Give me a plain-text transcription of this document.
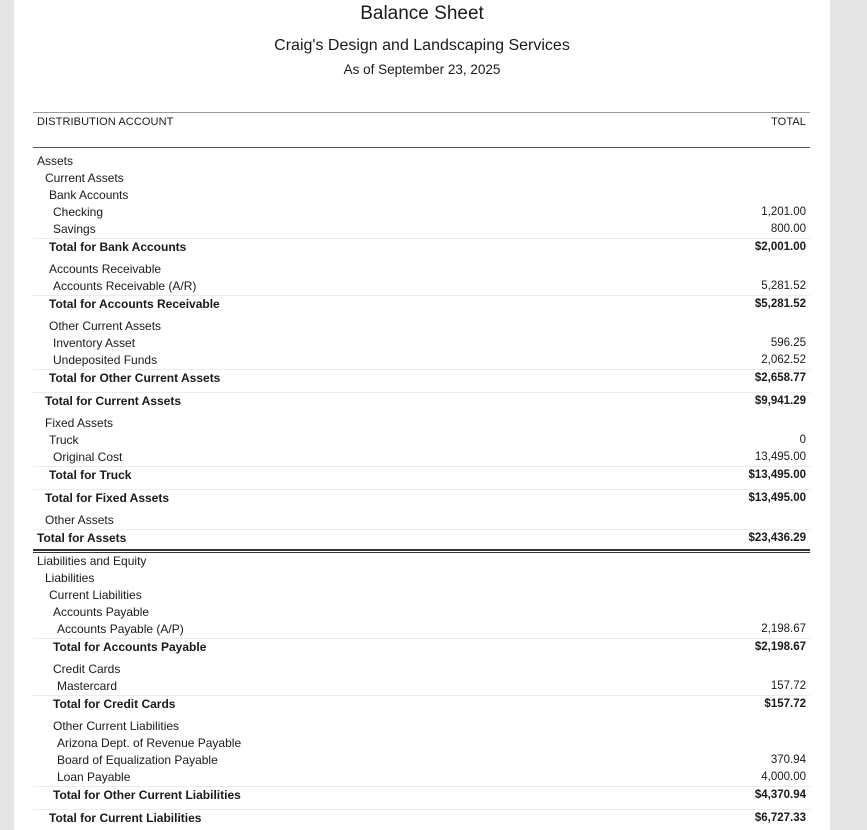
Balance Sheet
Craig's Design and Landscaping Services
As of September 23, 2025
DISTRIBUTION ACCOUNT	TOTAL
Assets
Current Assets
Bank Accounts
Checking	1,201.00
Savings	800.00
Total for Bank Accounts	$2,001.00
Accounts Receivable
Accounts Receivable (A/R)	5,281.52
Total for Accounts Receivable	$5,281.52
Other Current Assets
Inventory Asset	596.25
Undeposited Funds	2,062.52
Total for Other Current Assets	$2,658.77
Total for Current Assets	$9,941.29
Fixed Assets
Truck	0
Original Cost	13,495.00
Total for Truck	$13,495.00
Total for Fixed Assets	$13,495.00
Other Assets
Total for Assets	$23,436.29
Liabilities and Equity
Liabilities
Current Liabilities
Accounts Payable
Accounts Payable (A/P)	2,198.67
Total for Accounts Payable	$2,198.67
Credit Cards
Mastercard	157.72
Total for Credit Cards	$157.72
Other Current Liabilities
Arizona Dept. of Revenue Payable
Board of Equalization Payable	370.94
Loan Payable	4,000.00
Total for Other Current Liabilities	$4,370.94
Total for Current Liabilities	$6,727.33
